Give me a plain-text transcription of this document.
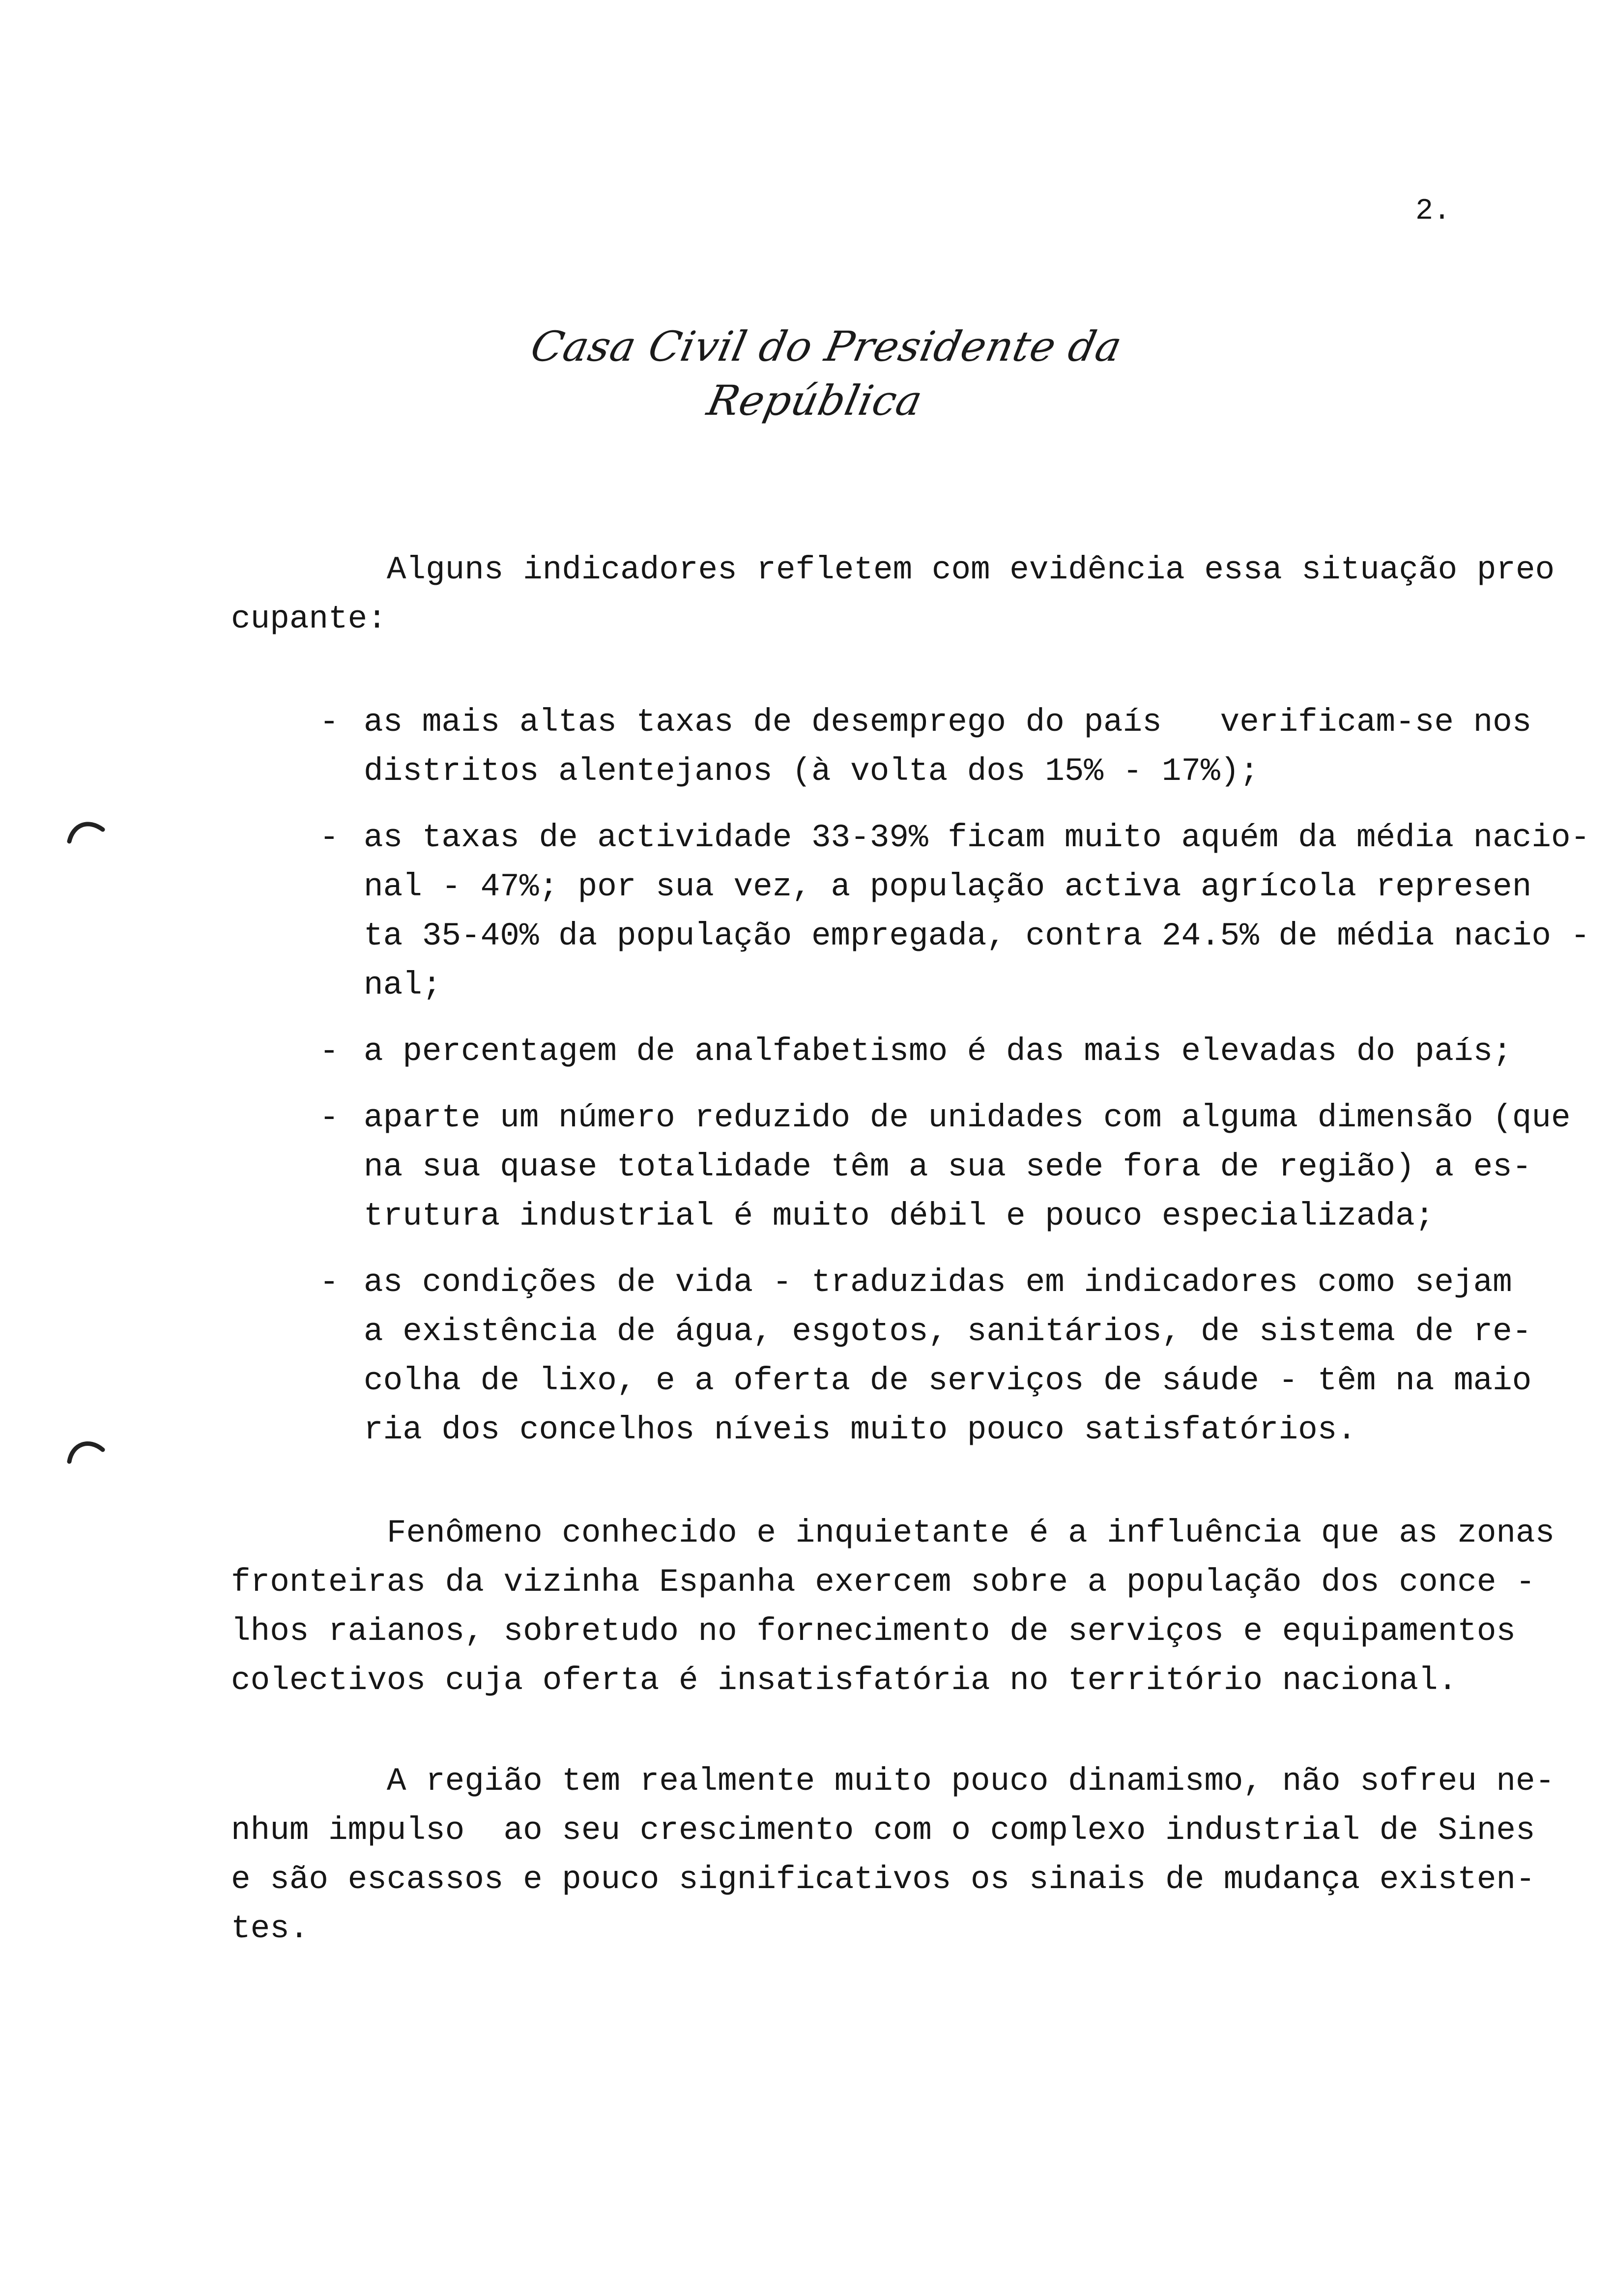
2.
Casa Civil do Presidente da República
Alguns indicadores refletem com evidência essa situação preo
cupante:
- as mais altas taxas de desemprego do país   verificam-se nos
distritos alentejanos (à volta dos 15% - 17%);
- as taxas de actividade 33-39% ficam muito aquém da média nacio-
nal - 47%; por sua vez, a população activa agrícola represen
ta 35-40% da população empregada, contra 24.5% de média nacio -
nal;
- a percentagem de analfabetismo é das mais elevadas do país;
- aparte um número reduzido de unidades com alguma dimensão (que
na sua quase totalidade têm a sua sede fora de região) a es-
trutura industrial é muito débil e pouco especializada;
- as condições de vida - traduzidas em indicadores como sejam
a existência de água, esgotos, sanitários, de sistema de re-
colha de lixo, e a oferta de serviços de sáude - têm na maio
ria dos concelhos níveis muito pouco satisfatórios.
Fenômeno conhecido e inquietante é a influência que as zonas
fronteiras da vizinha Espanha exercem sobre a população dos conce -
lhos raianos, sobretudo no fornecimento de serviços e equipamentos
colectivos cuja oferta é insatisfatória no território nacional.
A região tem realmente muito pouco dinamismo, não sofreu ne-
nhum impulso  ao seu crescimento com o complexo industrial de Sines
e são escassos e pouco significativos os sinais de mudança existen-
tes.
